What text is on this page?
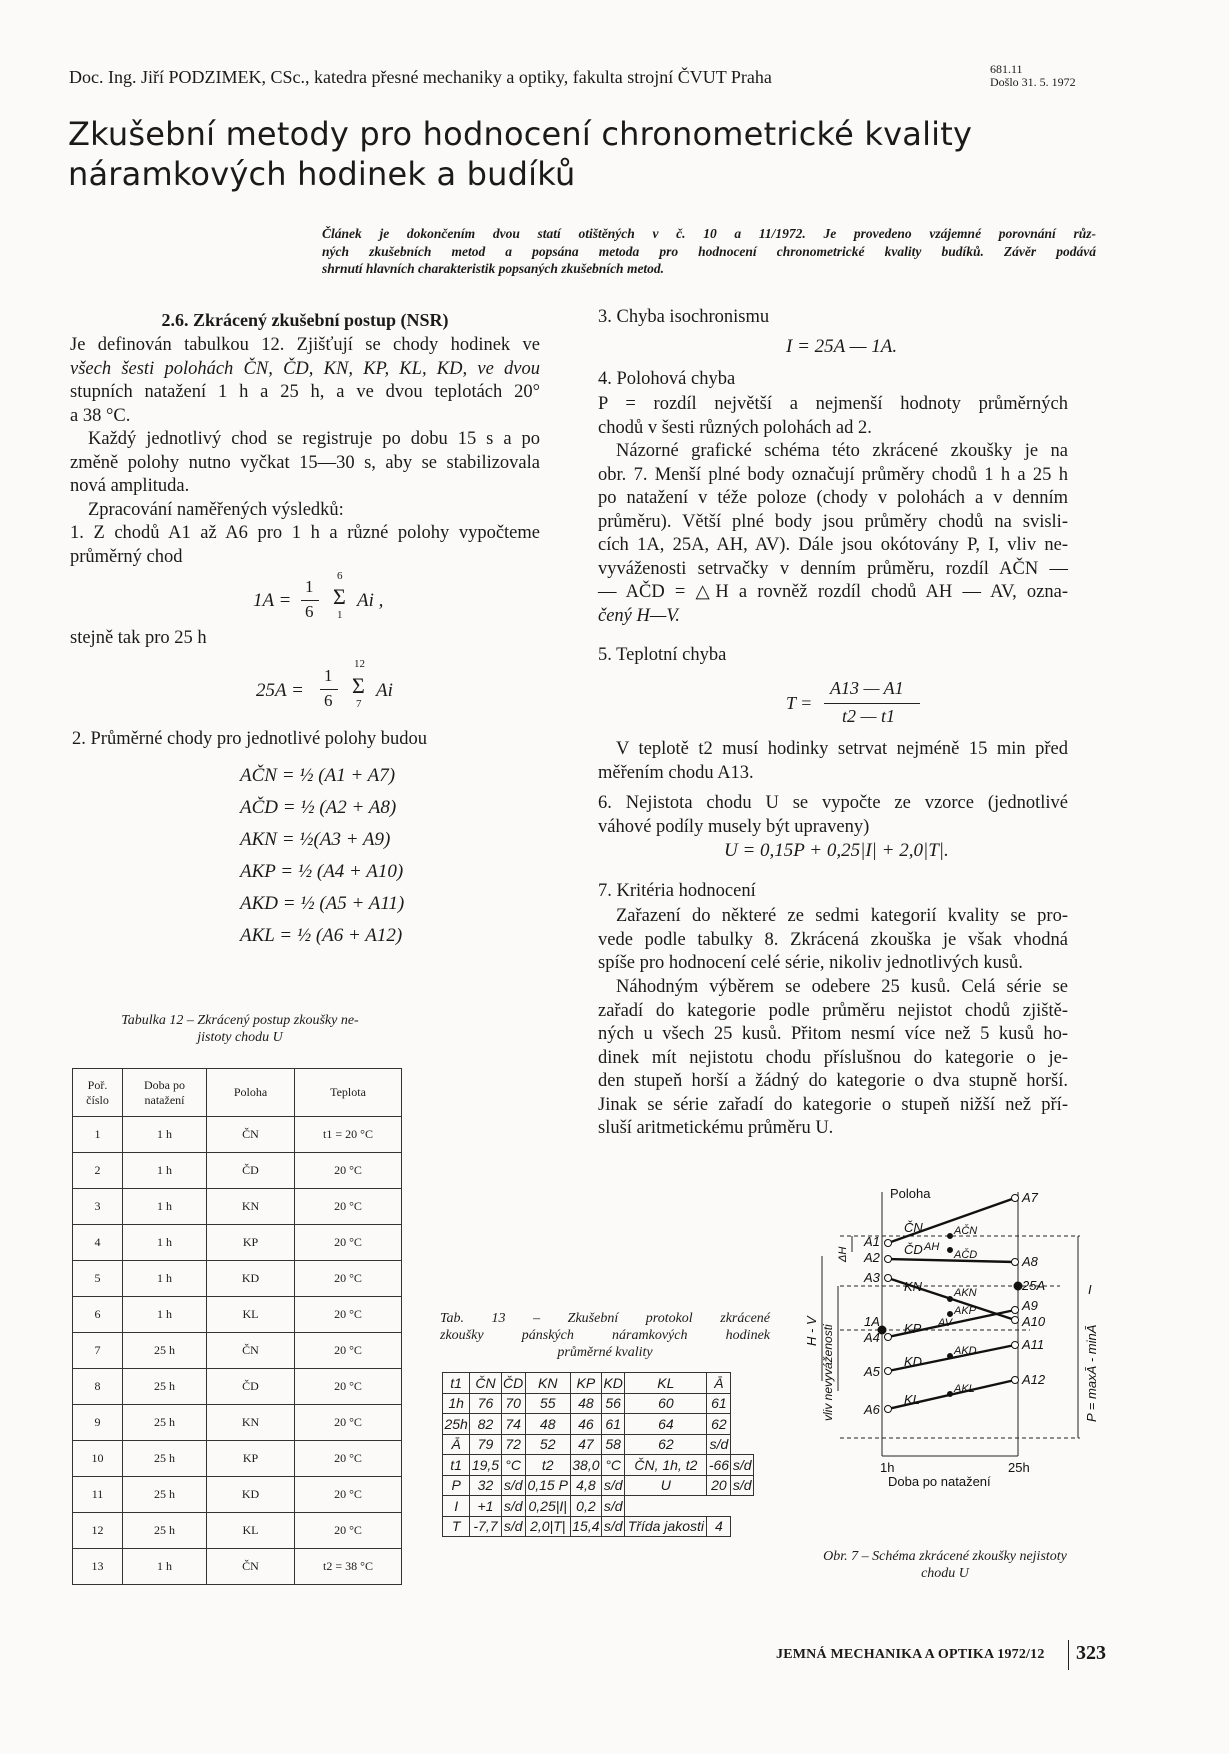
Doc. Ing. Jiří PODZIMEK, CSc., katedra přesné mechaniky a optiky, fakulta strojní ČVUT Praha	681.11
Došlo 31. 5. 1972
Zkušební metody pro hodnocení chronometrické kvality
náramkových hodinek a budíků
Článek je dokončením dvou statí otištěných v č. 10 a 11/1972. Je provedeno vzájemné porovnání růz-
ných zkušebních metod a popsána metoda pro hodnocení chronometrické kvality budíků. Závěr podává
shrnutí hlavních charakteristik popsaných zkušebních metod.
2.6. Zkrácený zkušební postup (NSR)
Je definován tabulkou 12. Zjišťují se chody hodinek ve
všech šesti polohách ČN, ČD, KN, KP, KL, KD, ve dvou
stupních natažení 1 h a 25 h, a ve dvou teplotách 20°
a 38 °C.
Každý jednotlivý chod se registruje po dobu 15 s a po
změně polohy nutno vyčkat 15—30 s, aby se stabilizovala
nová amplituda.
Zpracování naměřených výsledků:
1. Z chodů A1 až A6 pro 1 h a různé polohy vypočteme
průměrný chod
1A =
1
6
6
Σ
1
Ai ,
stejně tak pro 25 h
25A =
1
6
12
Σ
7
Ai
2. Průměrné chody pro jednotlivé polohy budou
AČN = ½ (A1 + A7)
AČD = ½ (A2 + A8)
AKN = ½(A3 + A9)
AKP = ½ (A4 + A10)
AKD = ½ (A5 + A11)
AKL = ½ (A6 + A12)
Tabulka 12 – Zkrácený postup zkoušky ne-
jistoty chodu U
Poř. číslo	Doba po natažení	Poloha	Teplota
1	1 h	ČN	t1 = 20 °C
2	1 h	ČD	20 °C
3	1 h	KN	20 °C
4	1 h	KP	20 °C
5	1 h	KD	20 °C
6	1 h	KL	20 °C
7	25 h	ČN	20 °C
8	25 h	ČD	20 °C
9	25 h	KN	20 °C
10	25 h	KP	20 °C
11	25 h	KD	20 °C
12	25 h	KL	20 °C
13	1 h	ČN	t2 = 38 °C
3. Chyba isochronismu
I = 25A — 1A.
4. Polohová chyba
P = rozdíl největší a nejmenší hodnoty průměrných
chodů v šesti různých polohách ad 2.
Názorné grafické schéma této zkrácené zkoušky je na
obr. 7. Menší plné body označují průměry chodů 1 h a 25 h
po natažení v téže poloze (chody v polohách a v denním
průměru). Větší plné body jsou průměry chodů na svisli-
cích 1A, 25A, AH, AV). Dále jsou okótovány P, I, vliv ne-
vyváženosti setrvačky v denním průměru, rozdíl AČN —
— AČD = △H a rovněž rozdíl chodů AH — AV, ozna-
čený H—V.
5. Teplotní chyba
T =
A13 — A1
t2 — t1
V teplotě t2 musí hodinky setrvat nejméně 15 min před
měřením chodu A13.
6. Nejistota chodu U se vypočte ze vzorce (jednotlivé
váhové podíly musely být upraveny)
U = 0,15P + 0,25|I| + 2,0|T|.
7. Kritéria hodnocení
Zařazení do některé ze sedmi kategorií kvality se pro-
vede podle tabulky 8. Zkrácená zkouška je však vhodná
spíše pro hodnocení celé série, nikoliv jednotlivých kusů.
Náhodným výběrem se odebere 25 kusů. Celá série se
zařadí do kategorie podle průměru nejistot chodů zjiště-
ných u všech 25 kusů. Přitom nesmí více než 5 kusů ho-
dinek mít nejistotu chodu příslušnou do kategorie o je-
den stupeň horší a žádný do kategorie o dva stupně horší.
Jinak se série zařadí do kategorie o stupeň nižší než pří-
sluší aritmetickému průměru U.
Tab. 13 – Zkušební protokol zkrácené
zkoušky pánských náramkových hodinek
průměrné kvality
t1	ČN	ČD	KN	KP	KD	KL	Ā	
1h	76	70	55	48	56	60	61	
25h	82	74	48	46	61	64	62	
Ā	79	72	52	47	58	62	s/d	
t1	19,5	°C	t2	38,0	°C	ČN, 1h, t2	-66	s/d
P	32	s/d	0,15 P	4,8	s/d	U	20	s/d
I	+1	s/d	0,25|I|	0,2	s/d			
T	-7,7	s/d	2,0|T|	15,4	s/d	Třída jakosti	4	
Poloha
1h	25h
Doba po natažení
A1
A2
A3
1A
A4
A5
A6
A7
A8
25A
A9
A10
A11
A12
ČN
ČD
KN
KP
KD
KL
AČN
AČD
AKN
AKP
AKD
AKL
AH
AV
ΔH
H - V vliv nevyváženosti
I
P = maxĀ - minĀ
Obr. 7 – Schéma zkrácené zkoušky nejistoty
chodu U
JEMNÁ MECHANIKA A OPTIKA 1972/12 323
